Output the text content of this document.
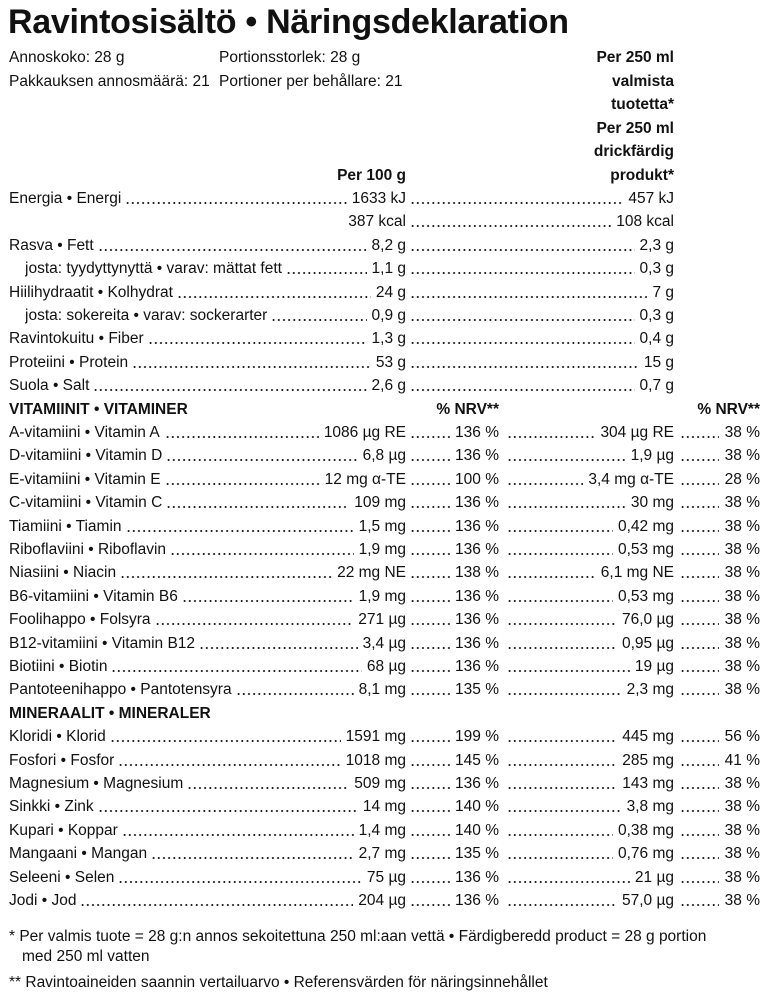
Ravintosisältö • Näringsdeklaration
Annoskoko: 28 g	Portionsstorlek: 28 g
Pakkauksen annosmäärä: 21 Portioner per behållare: 21
Per 250 ml
valmista
tuotetta*
Per 250 ml
drickfärdig
produkt*
Per 100 g
Energia • Energi	1633 kJ	457 kJ
387 kcal	108 kcal
Rasva • Fett	8,2 g	2,3 g
josta: tyydyttynyttä • varav: mättat fett	1,1 g	0,3 g
Hiilihydraatit • Kolhydrat	24 g	7 g
josta: sokereita • varav: sockerarter	0,9 g	0,3 g
Ravintokuitu • Fiber	1,3 g	0,4 g
Proteiini • Protein	53 g	15 g
Suola • Salt	2,6 g	0,7 g
VITAMIINIT • VITAMINER	% NRV**	% NRV**
A-vitamiini • Vitamin A	1086 µg RE	136 %	304 µg RE	38 %
D-vitamiini • Vitamin D	6,8 µg	136 %	1,9 µg	38 %
E-vitamiini • Vitamin E	12 mg α-TE	100 %	3,4 mg α-TE	28 %
C-vitamiini • Vitamin C	109 mg	136 %	30 mg	38 %
Tiamiini • Tiamin	1,5 mg	136 %	0,42 mg	38 %
Riboflaviini • Riboflavin	1,9 mg	136 %	0,53 mg	38 %
Niasiini • Niacin	22 mg NE	138 %	6,1 mg NE	38 %
B6-vitamiini • Vitamin B6	1,9 mg	136 %	0,53 mg	38 %
Foolihappo • Folsyra	271 µg	136 %	76,0 µg	38 %
B12-vitamiini • Vitamin B12	3,4 µg	136 %	0,95 µg	38 %
Biotiini • Biotin	68 µg	136 %	19 µg	38 %
Pantoteenihappo • Pantotensyra	8,1 mg	135 %	2,3 mg	38 %
MINERAALIT • MINERALER
Kloridi • Klorid	1591 mg	199 %	445 mg	56 %
Fosfori • Fosfor	1018 mg	145 %	285 mg	41 %
Magnesium • Magnesium	509 mg	136 %	143 mg	38 %
Sinkki • Zink	14 mg	140 %	3,8 mg	38 %
Kupari • Koppar	1,4 mg	140 %	0,38 mg	38 %
Mangaani • Mangan	2,7 mg	135 %	0,76 mg	38 %
Seleeni • Selen	75 µg	136 %	21 µg	38 %
Jodi • Jod	204 µg	136 %	57,0 µg	38 %
* Per valmis tuote = 28 g:n annos sekoitettuna 250 ml:aan vettä • Färdigberedd product = 28 g portion
med 250 ml vatten
** Ravintoaineiden saannin vertailuarvo • Referensvärden för näringsinnehållet
